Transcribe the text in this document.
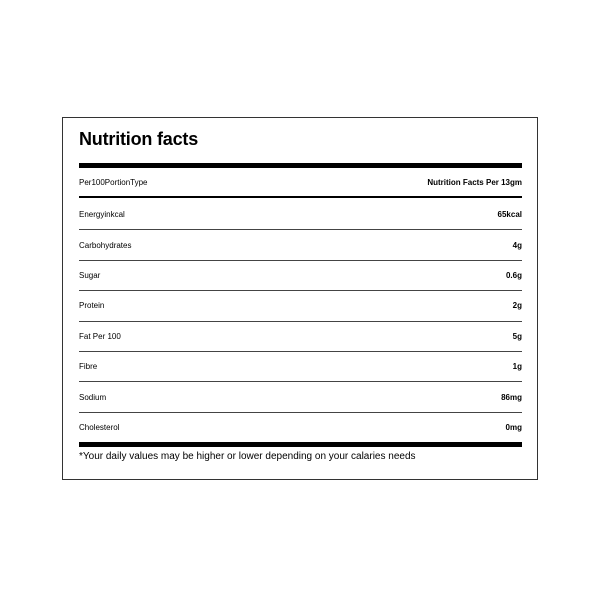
Nutrition facts
Per100PortionType	Nutrition Facts Per 13gm
Energyinkcal	65kcal
Carbohydrates	4g
Sugar	0.6g
Protein	2g
Fat Per 100	5g
Fibre	1g
Sodium	86mg
Cholesterol	0mg
*Your daily values may be higher or lower depending on your calaries needs
